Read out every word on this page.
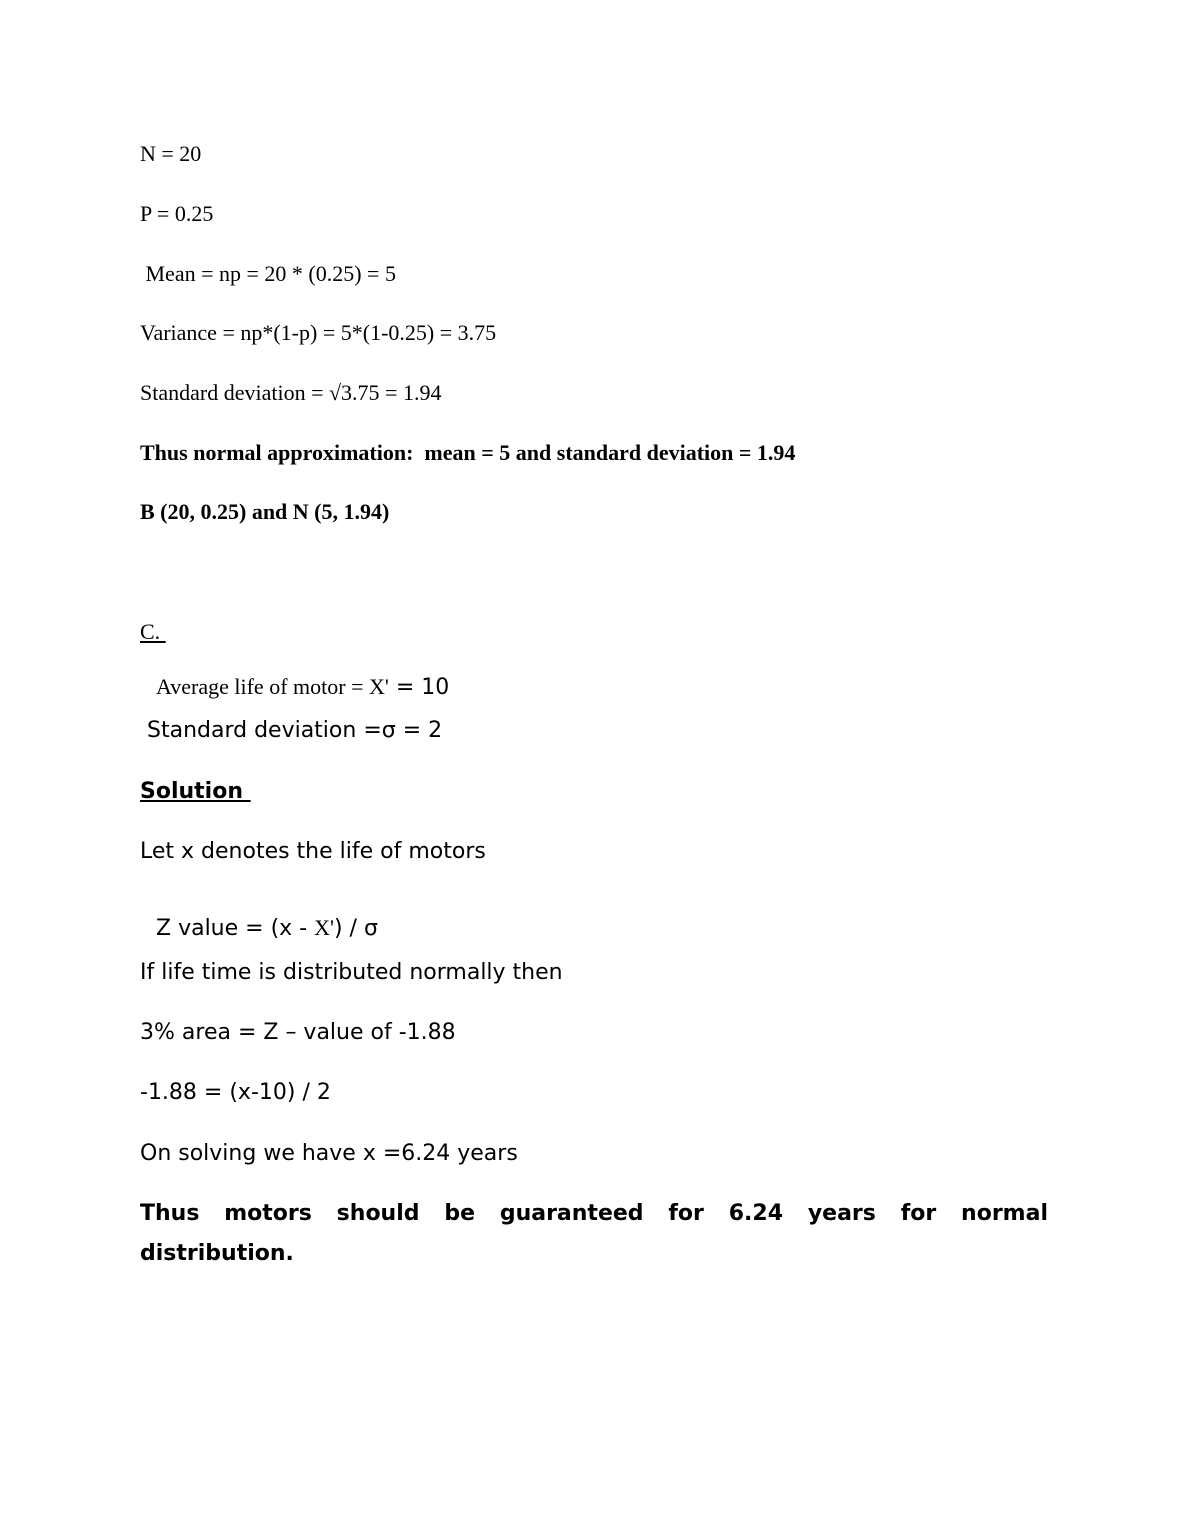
N = 20
P = 0.25
Mean = np = 20 * (0.25) = 5
Variance = np*(1-p) = 5*(1-0.25) = 3.75
Standard deviation = √3.75 = 1.94
Thus normal approximation:  mean = 5 and standard deviation = 1.94
B (20, 0.25) and N (5, 1.94)
C.

Average life of motor = X' = 10

Standard deviation =σ = 2
Solution
Let x denotes the life of motors

Z value = (x - X') / σ

If life time is distributed normally then
3% area = Z – value of -1.88
-1.88 = (x-10) / 2
On solving we have x =6.24 years
Thus motors should be guaranteed for 6.24 years for normal distribution.
